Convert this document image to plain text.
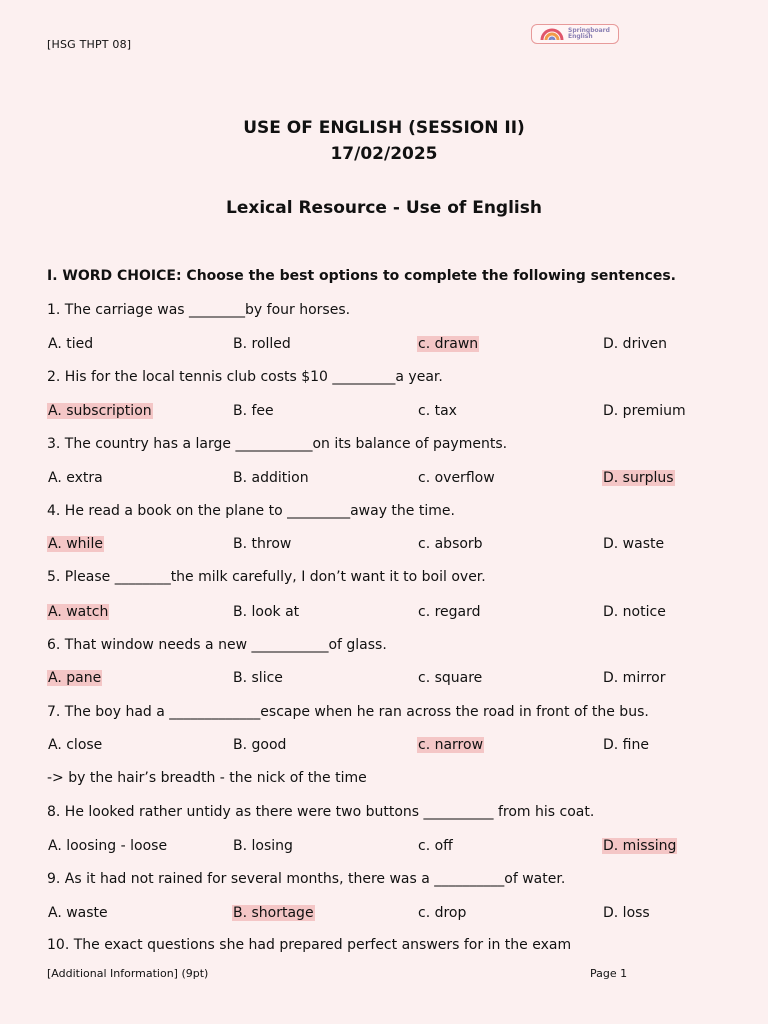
[HSG THPT 08]
Springboard
English
USE OF ENGLISH (SESSION II)
17/02/2025
Lexical Resource - Use of English
I. WORD CHOICE: Choose the best options to complete the following sentences.
1. The carriage was ________by four horses.
A. tied	B. rolled	c. drawn	D. driven
2. His for the local tennis club costs $10 _________a year.
A. subscription	B. fee	c. tax	D. premium
3. The country has a large ___________on its balance of payments.
A. extra	B. addition	c. overflow	D. surplus
4. He read a book on the plane to _________away the time.
A. while	B. throw	c. absorb	D. waste
5. Please ________the milk carefully, I don’t want it to boil over.
A. watch	B. look at	c. regard	D. notice
6. That window needs a new ___________of glass.
A. pane	B. slice	c. square	D. mirror
7. The boy had a _____________escape when he ran across the road in front of the bus.
A. close	B. good	c. narrow	D. fine
8. He looked rather untidy as there were two buttons __________ from his coat.
A. loosing - loose	B. losing	c. off	D. missing
9. As it had not rained for several months, there was a __________of water.
A. waste	B. shortage	c. drop	D. loss
-> by the hair’s breadth - the nick of the time
10. The exact questions she had prepared perfect answers for in the exam
[Additional Information] (9pt)	Page 1
